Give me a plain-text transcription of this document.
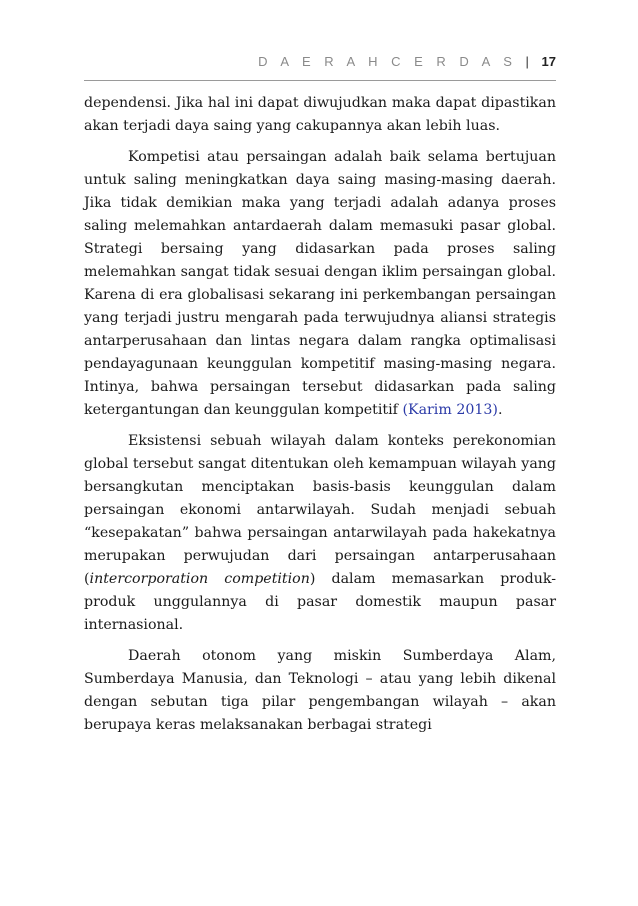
D A E R A H C E R D A S | 17

dependensi. Jika hal ini dapat diwujudkan maka dapat dipastikan akan terjadi daya saing yang cakupannya akan lebih luas.

Kompetisi atau persaingan adalah baik selama bertujuan untuk saling meningkatkan daya saing masing-masing daerah. Jika tidak demikian maka yang terjadi adalah adanya proses saling melemahkan antardaerah dalam memasuki pasar global. Strategi bersaing yang didasarkan pada proses saling melemahkan sangat tidak sesuai dengan iklim persaingan global. Karena di era globalisasi sekarang ini perkembangan persaingan yang terjadi justru mengarah pada terwujudnya aliansi strategis antarperusahaan dan lintas negara dalam rangka optimalisasi pendayagunaan keunggulan kompetitif masing-masing negara. Intinya, bahwa persaingan tersebut didasarkan pada saling ketergantungan dan keunggulan kompetitif (Karim 2013).

Eksistensi sebuah wilayah dalam konteks perekonomian global tersebut sangat ditentukan oleh kemampuan wilayah yang bersangkutan menciptakan basis-basis keunggulan dalam persaingan ekonomi antarwilayah. Sudah menjadi sebuah “kesepakatan” bahwa persaingan antarwilayah pada hakekatnya merupakan perwujudan dari persaingan antarperusahaan (intercorporation competition) dalam memasarkan produk-produk unggulannya di pasar domestik maupun pasar internasional.

Daerah otonom yang miskin Sumberdaya Alam, Sumberdaya Manusia, dan Teknologi – atau yang lebih dikenal dengan sebutan tiga pilar pengembangan wilayah – akan berupaya keras melaksanakan berbagai strategi
